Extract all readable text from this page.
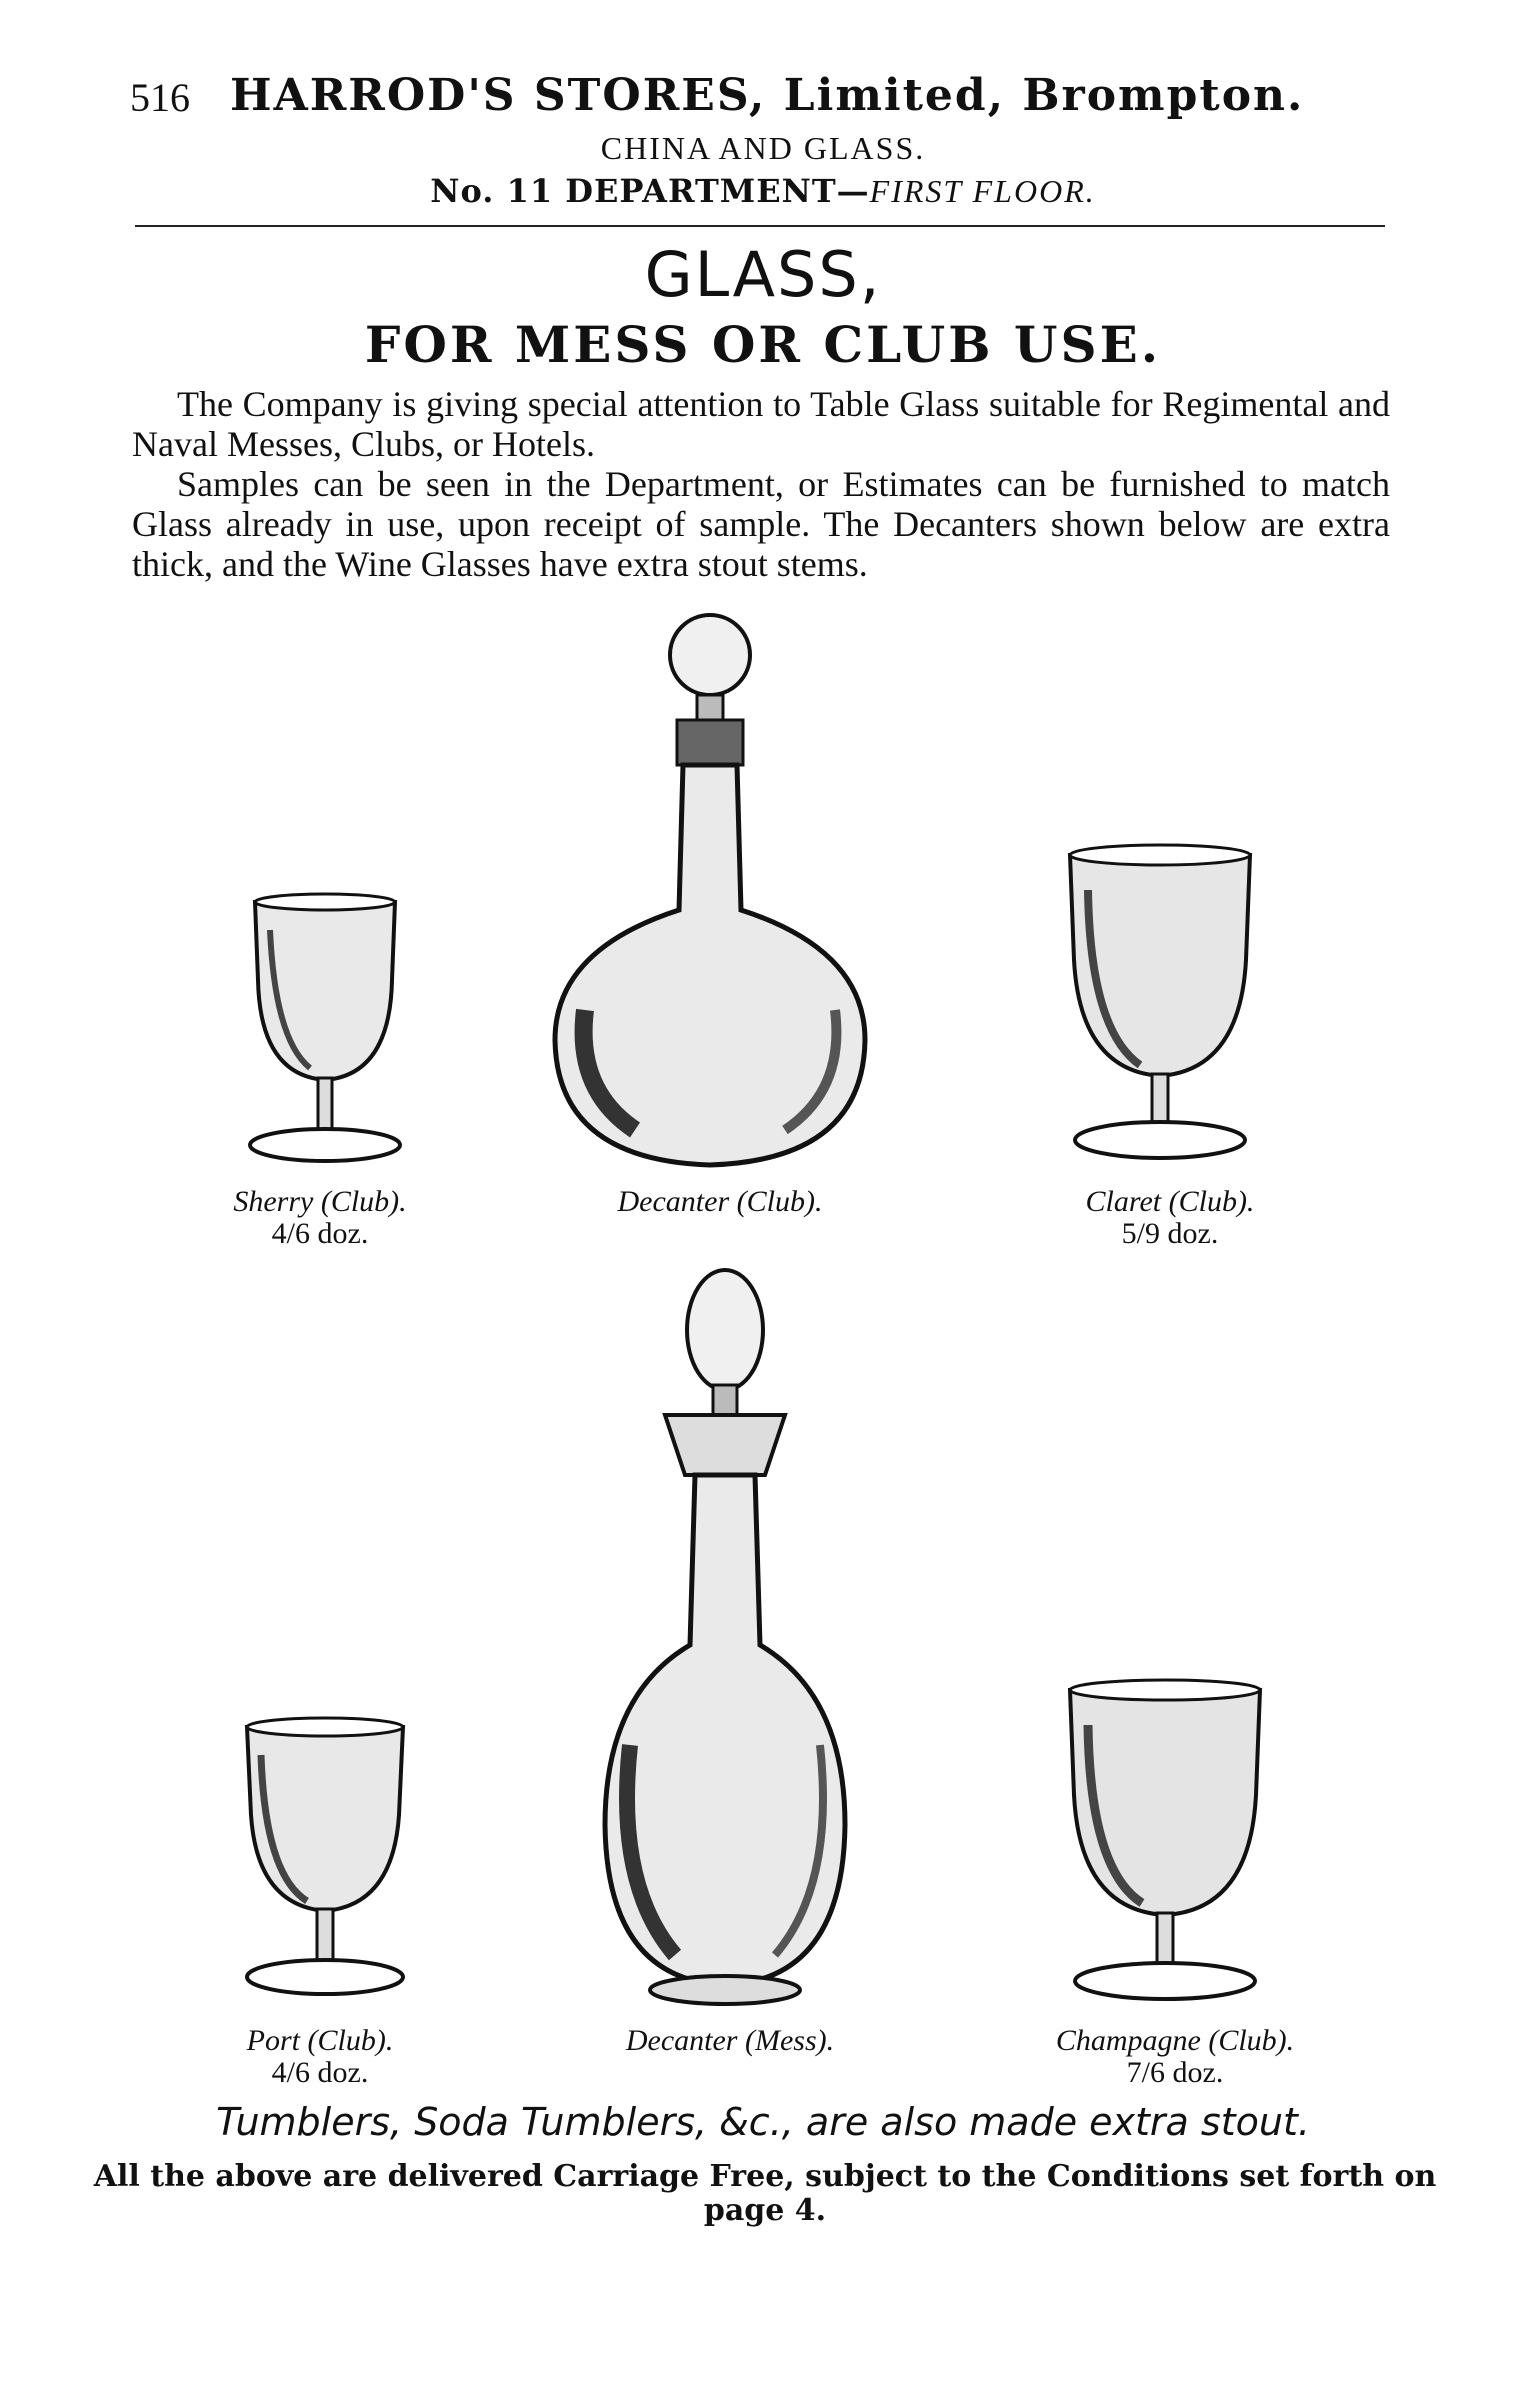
516 HARROD'S STORES, Limited, Brompton.
CHINA AND GLASS.
No. 11 DEPARTMENT—FIRST FLOOR.
GLASS,
FOR MESS OR CLUB USE.
The Company is giving special attention to Table Glass suitable for Regimental and Naval Messes, Clubs, or Hotels.
Samples can be seen in the Department, or Estimates can be furnished to match Glass already in use, upon receipt of sample. The Decanters shown below are extra thick, and the Wine Glasses have extra stout stems.
Sherry (Club).
4/6 doz.
Decanter (Club).	Claret (Club).
5/9 doz.
Port (Club).
4/6 doz.
Decanter (Mess).	Champagne (Club).
7/6 doz.
Tumblers, Soda Tumblers, &c., are also made extra stout.
All the above are delivered Carriage Free, subject to the Conditions set forth on page 4.
